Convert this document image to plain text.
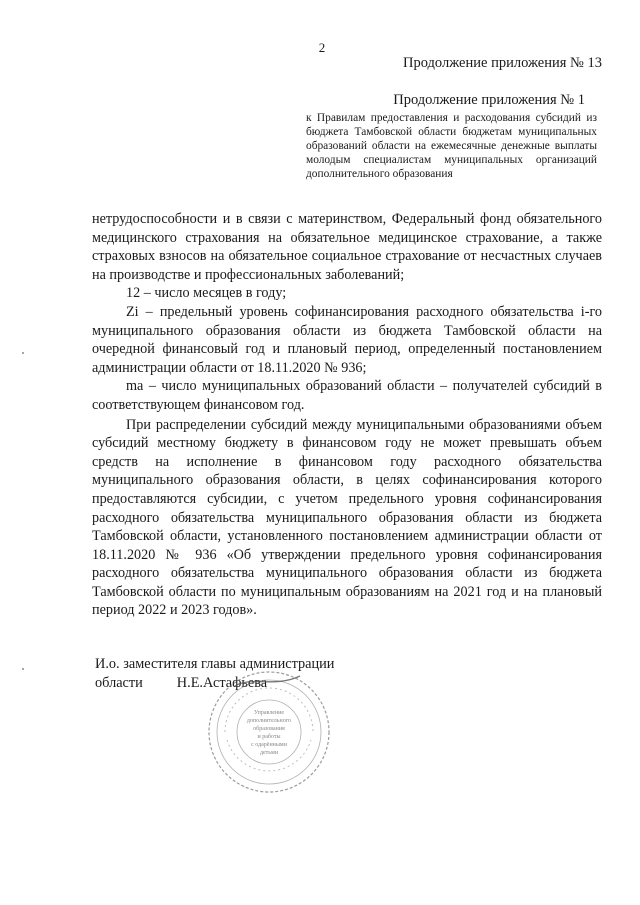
2
Продолжение приложения № 13
Продолжение приложения № 1
к Правилам предоставления и расходования субсидий из бюджета Тамбовской области бюджетам муниципальных образований области на ежемесячные денежные выплаты молодым специалистам муниципальных организаций дополнительного образования

нетрудоспособности и в связи с материнством, Федеральный фонд обязательного медицинского страхования на обязательное медицинское страхование, а также страховых взносов на обязательное социальное страхование от несчастных случаев на производстве и профессиональных заболеваний;

12 – число месяцев в году;

Zi – предельный уровень софинансирования расходного обязательства i-го муниципального образования области из бюджета Тамбовской области на очередной финансовый год и плановый период, определенный постановлением администрации области от 18.11.2020 № 936;

ma – число муниципальных образований области – получателей субсидий в соответствующем финансовом год.

При распределении субсидий между муниципальными образованиями объем субсидий местному бюджету в финансовом году не может превышать объем средств на исполнение в финансовом году расходного обязательства муниципального образования области, в целях софинансирования которого предоставляются субсидии, с учетом предельного уровня софинансирования расходного обязательства муниципального образования области из бюджета Тамбовской области, установленного постановлением администрации области от 18.11.2020 № 936 «Об утверждении предельного уровня софинансирования расходного обязательства муниципального образования области из бюджета Тамбовской области по муниципальным образованиям на 2021 год и на плановый период 2022 и 2023 годов».

И.о. заместителя главы администрации
области Н.Е.Астафьева
Управление
дополнительного
образования
и работы
с одарёнными
детьми
